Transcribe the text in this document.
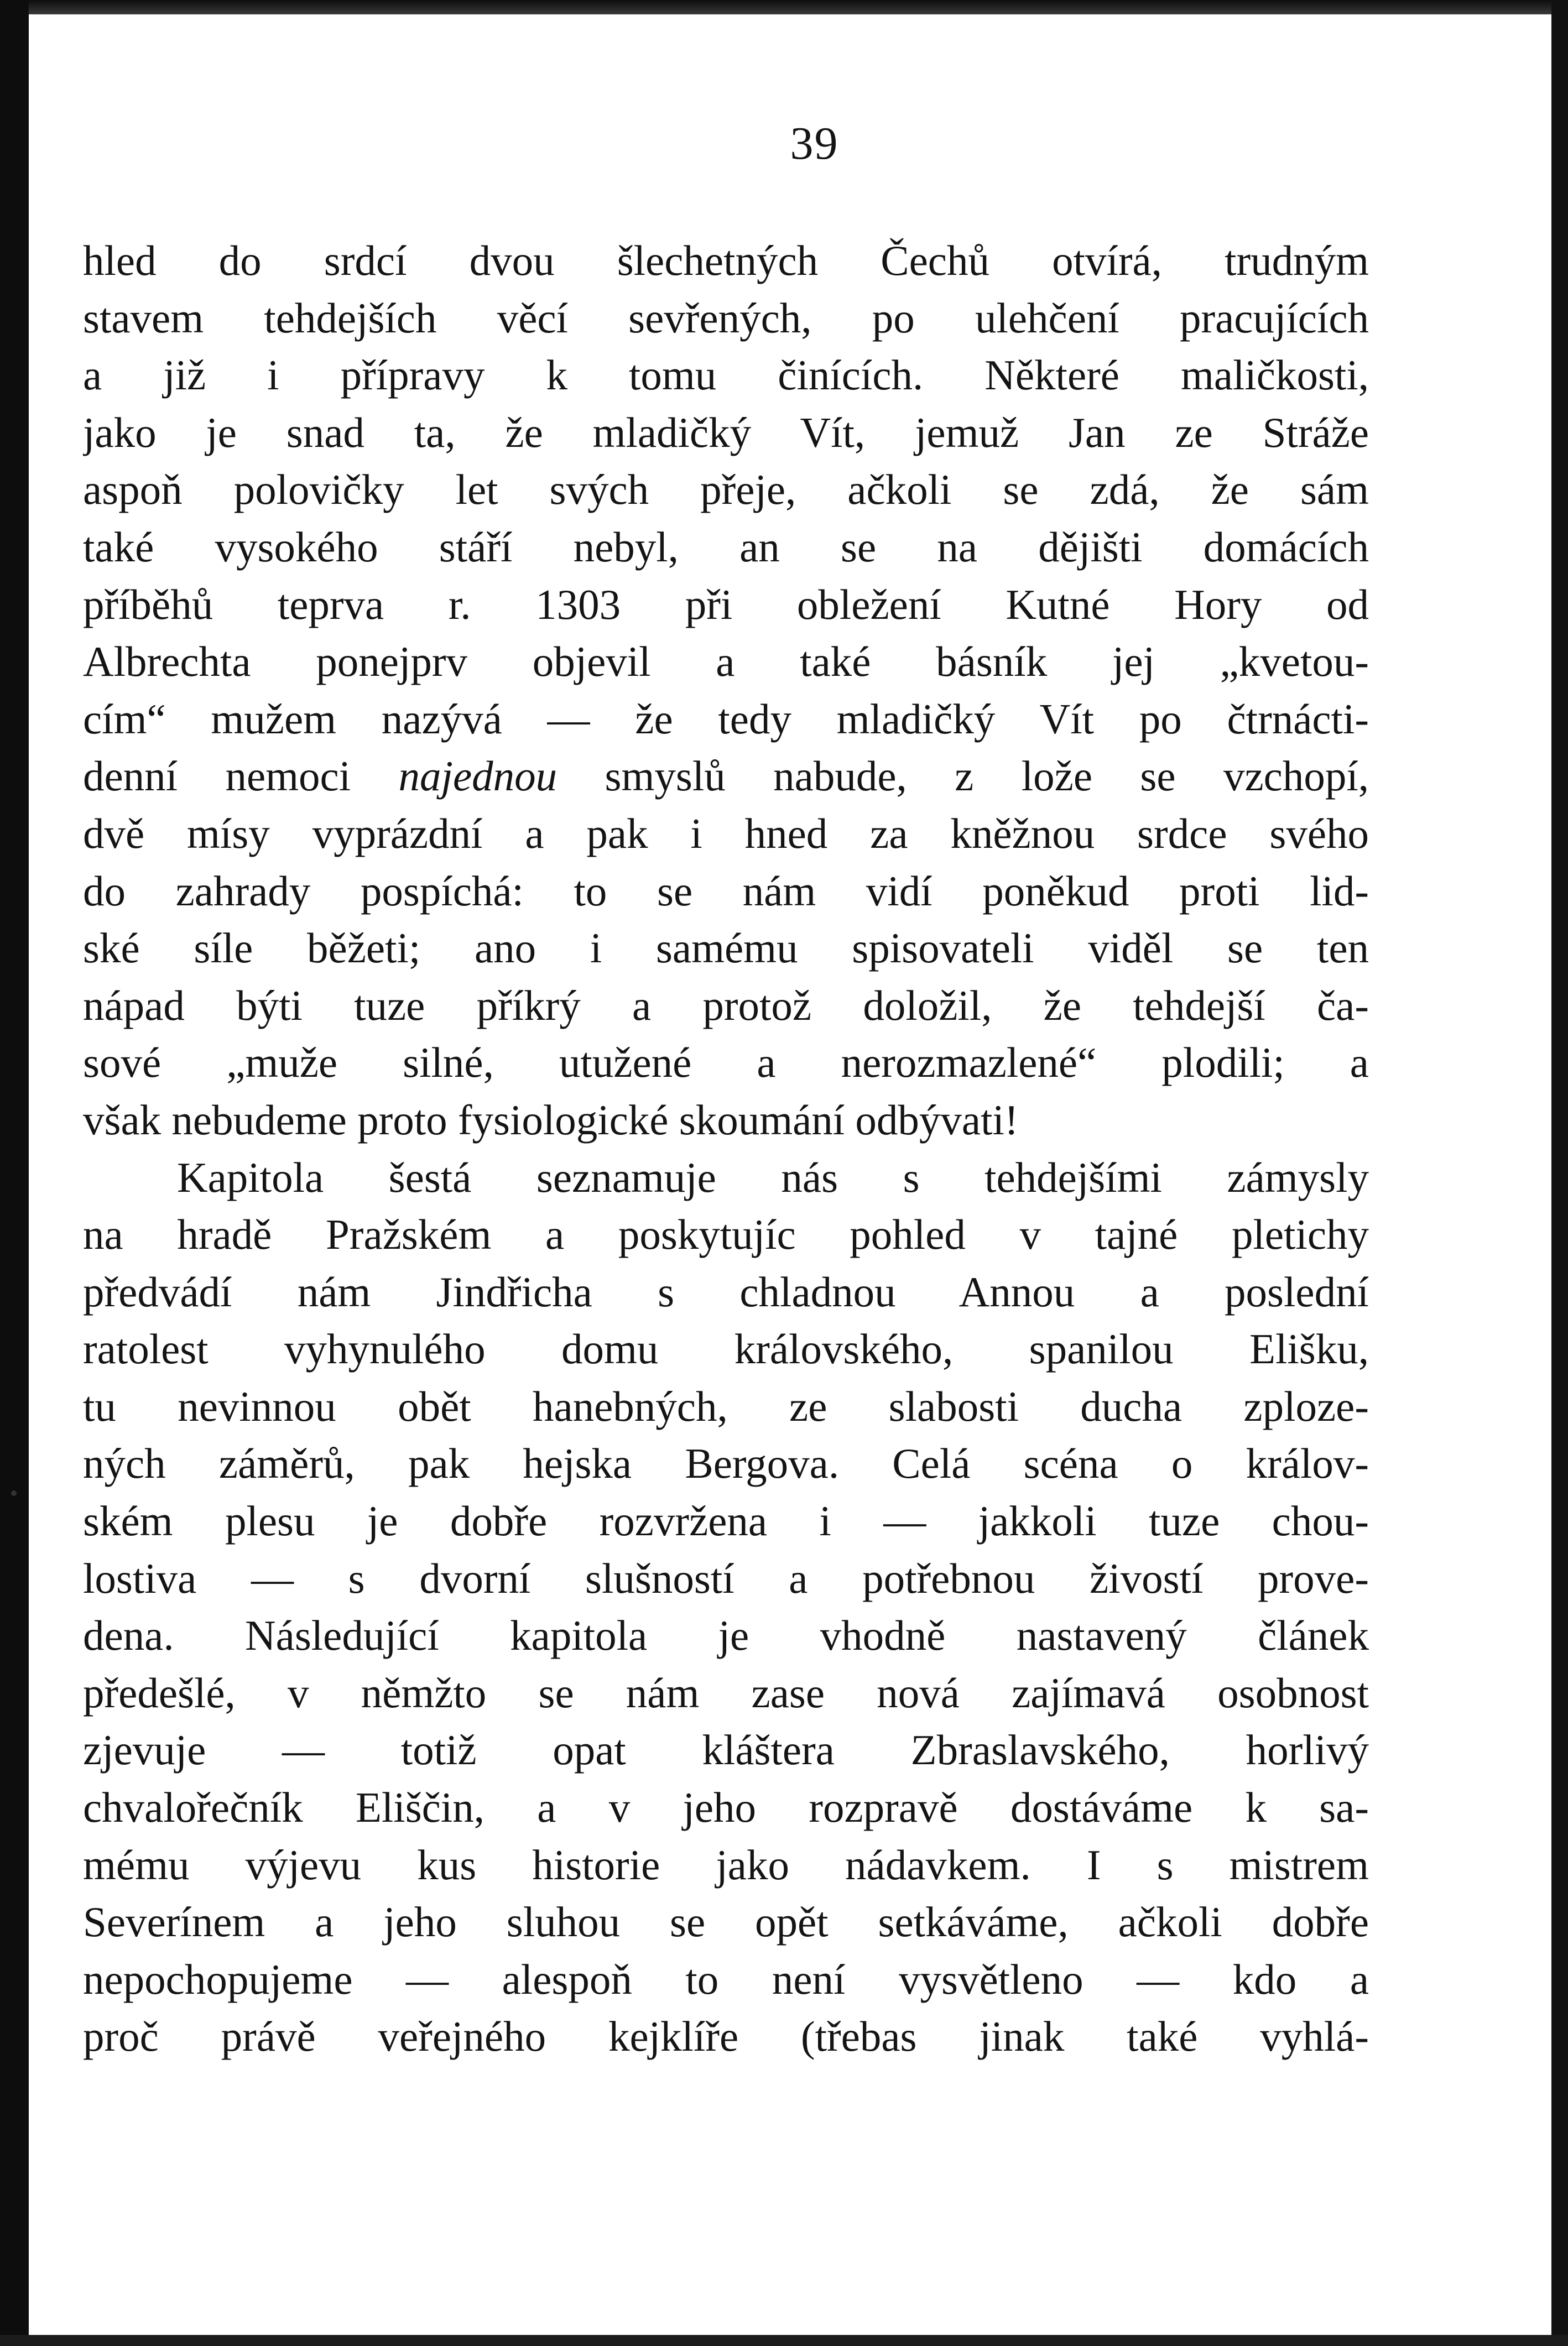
39
hled do srdcí dvou šlechetných Čechů otvírá, trudným
stavem tehdejších věcí sevřených, po ulehčení pracujících
a již i přípravy k tomu činících. Některé maličkosti,
jako je snad ta, že mladičký Vít, jemuž Jan ze Stráže
aspoň polovičky let svých přeje, ačkoli se zdá, že sám
také vysokého stáří nebyl, an se na dějišti domácích
příběhů teprva r. 1303 při obležení Kutné Hory od
Albrechta ponejprv objevil a také básník jej „kvetou-
cím“ mužem nazývá — že tedy mladičký Vít po čtrnácti-
denní nemoci najednou smyslů nabude, z lože se vzchopí,
dvě mísy vyprázdní a pak i hned za kněžnou srdce svého
do zahrady pospíchá: to se nám vidí poněkud proti lid-
ské síle běžeti; ano i samému spisovateli viděl se ten
nápad býti tuze příkrý a protož doložil, že tehdejší ča-
sové „muže silné, utužené a nerozmazlené“ plodili; a
však nebudeme proto fysiologické skoumání odbývati!
Kapitola šestá seznamuje nás s tehdejšími zámysly
na hradě Pražském a poskytujíc pohled v tajné pletichy
předvádí nám Jindřicha s chladnou Annou a poslední
ratolest vyhynulého domu královského, spanilou Elišku,
tu nevinnou obět hanebných, ze slabosti ducha zploze-
ných záměrů, pak hejska Bergova. Celá scéna o králov-
ském plesu je dobře rozvržena i — jakkoli tuze chou-
lostiva — s dvorní slušností a potřebnou živostí prove-
dena. Následující kapitola je vhodně nastavený článek
předešlé, v němžto se nám zase nová zajímavá osobnost
zjevuje — totiž opat kláštera Zbraslavského, horlivý
chvalořečník Eliščin, a v jeho rozpravě dostáváme k sa-
mému výjevu kus historie jako nádavkem. I s mistrem
Severínem a jeho sluhou se opět setkáváme, ačkoli dobře
nepochopujeme — alespoň to není vysvětleno — kdo a
proč právě veřejného kejklíře (třebas jinak také vyhlá-
